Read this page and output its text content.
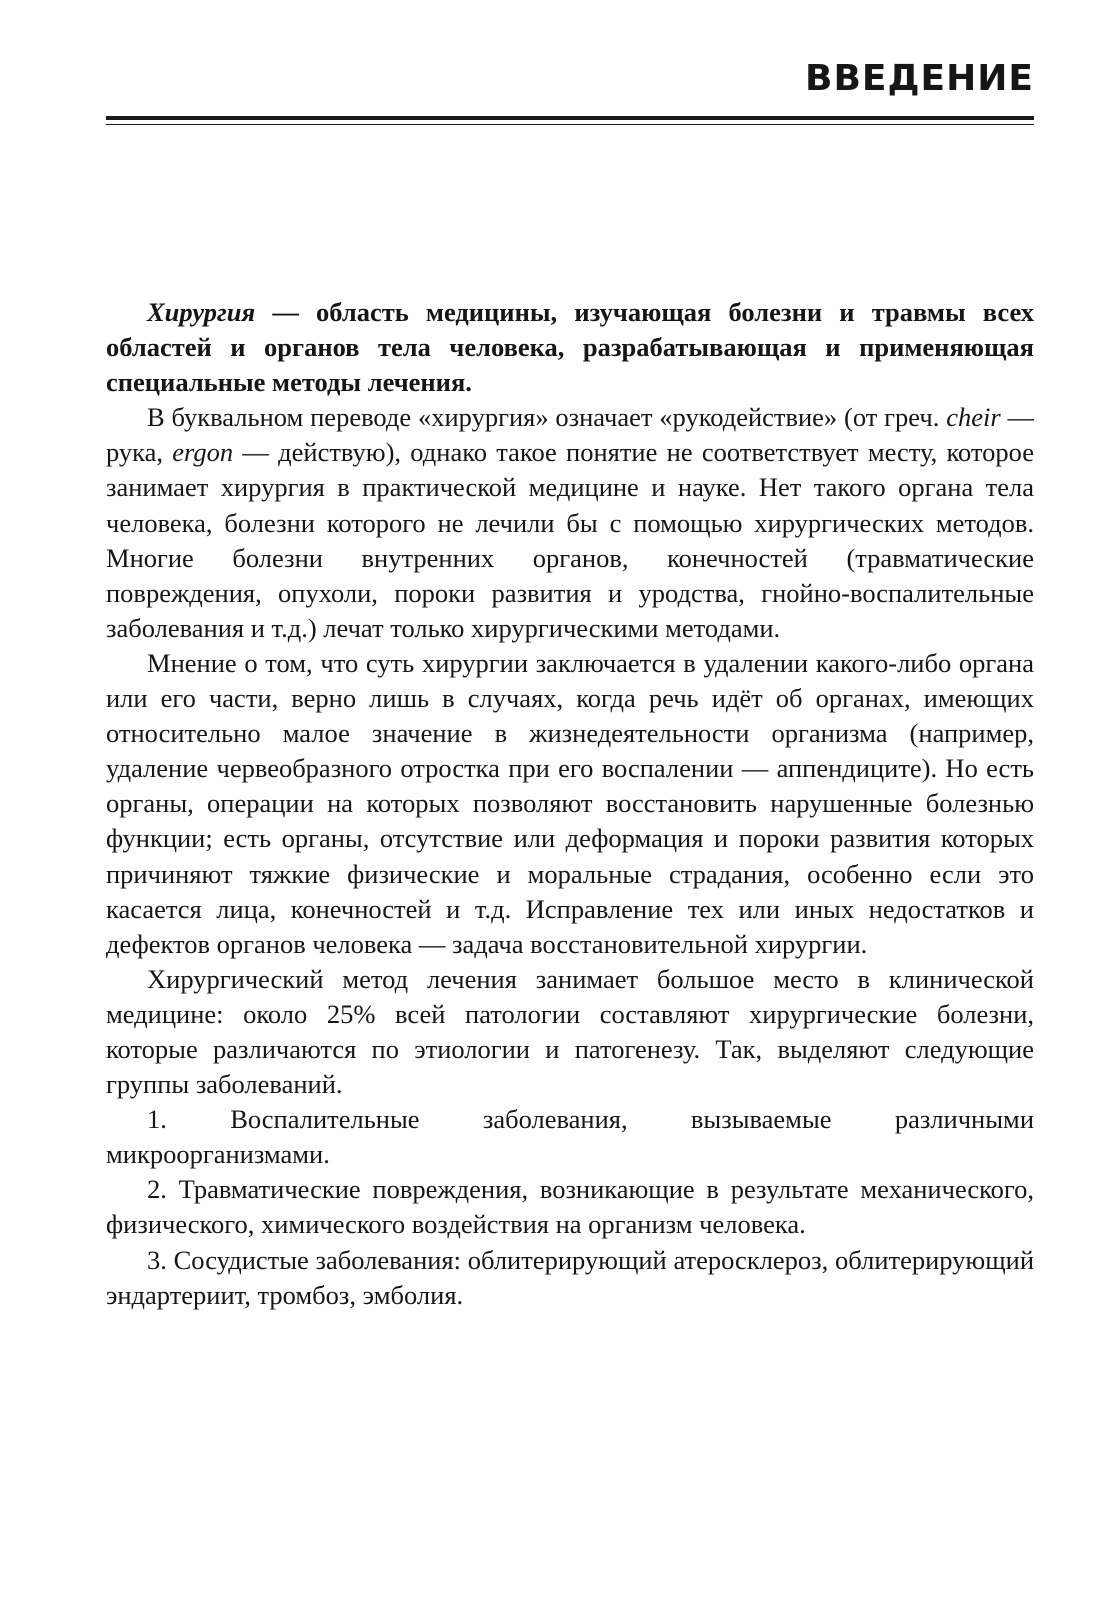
ВВЕДЕНИЕ

Хирургия — область медицины, изучающая болезни и травмы всех областей и органов тела человека, разрабатывающая и применяющая специальные методы лечения.

В буквальном переводе «хирургия» означает «рукодействие» (от греч. cheir — рука, ergon — действую), однако такое понятие не соответствует месту, которое занимает хирургия в практической медицине и науке. Нет такого органа тела человека, болезни которого не лечили бы с помощью хирургических методов. Многие болезни внутренних органов, конечностей (травматические повреждения, опухоли, пороки развития и уродства, гнойно-воспалительные заболевания и т.д.) лечат только хирургическими методами.

Мнение о том, что суть хирургии заключается в удалении какого-либо органа или его части, верно лишь в случаях, когда речь идёт об органах, имеющих относительно малое значение в жизнедеятельности организма (например, удаление червеобразного отростка при его воспалении — аппендиците). Но есть органы, операции на которых позволяют восстановить нарушенные болезнью функции; есть органы, отсутствие или деформация и пороки развития которых причиняют тяжкие физические и моральные страдания, особенно если это касается лица, конечностей и т.д. Исправление тех или иных недостатков и дефектов органов человека — задача восстановительной хирургии.

Хирургический метод лечения занимает большое место в клинической медицине: около 25% всей патологии составляют хирургические болезни, которые различаются по этиологии и патогенезу. Так, выделяют следующие группы заболеваний.

1. Воспалительные заболевания, вызываемые различными микроорганизмами.

2. Травматические повреждения, возникающие в результате механического, физического, химического воздействия на организм человека.

3. Сосудистые заболевания: облитерирующий атеросклероз, облитерирующий эндартериит, тромбоз, эмболия.
